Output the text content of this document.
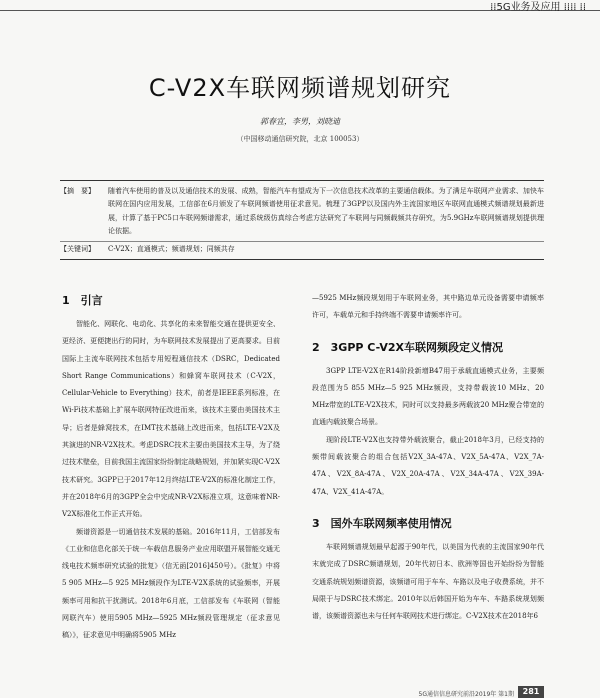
⁞⁞5G业务及应用 ⁞⁞⁞⁞ ⁞⁞
C-V2X车联网频谱规划研究
郭春宜，李男，刘晓迪
（中国移动通信研究院，北京 100053）
【摘　要】	随着汽车使用的普及以及通信技术的发展、成熟，智能汽车有望成为下一次信息技术改革的主要通信载体。为了满足车联网产业需求、加快车联网在国内应用发展，工信部在6月颁发了车联网频谱使用征求意见。梳理了3GPP以及国内外主流国家地区车联网直通模式频谱规划最新进展，计算了基于PC5口车联网频谱需求，通过系统级仿真综合考虑方法研究了车联网与同频载频共存研究，为5.9GHz车联网频谱规划提供理论依据。
【关键词】	C-V2X；直通模式；频谱规划；同频共存
1　引言

智能化、网联化、电动化、共享化的未来智能交通在提供更安全、更经济、更便捷出行的同时，为车联网技术发展提出了更高要求。目前国际上主流车联网技术包括专用短程通信技术（DSRC，Dedicated Short Range Communications）和蜂窝车联网技术（C-V2X，Cellular-Vehicle to Everything）技术，前者是IEEE系列标准，在Wi-Fi技术基础上扩展车联网特征改进而来，该技术主要由美国技术主导；后者是蜂窝技术，在IMT技术基础上改进而来，包括LTE-V2X及其演进的NR-V2X技术。考虑DSRC技术主要由美国技术主导，为了绕过技术壁垒，目前我国主流国家纷纷制定战略规划，并加紧实现C-V2X技术研究。3GPP已于2017年12月终结LTE-V2X的标准化制定工作，并在2018年6月的3GPP全会中完成NR-V2X标准立项，这意味着NR-V2X标准化工作正式开始。

频谱资源是一切通信技术发展的基础。2016年11月，工信部发布《工业和信息化部关于统一车载信息服务产业应用联盟开展智能交通无线电技术频率研究试验的批复》（信无函[2016]450号）。《批复》中将5 905 MHz—5 925 MHz频段作为LTE-V2X系统的试验频率，开展频率可用和抗干扰测试。2018年6月底，工信部发布《车联网（智能网联汽车）使用5905 MHz—5925 MHz频段管理规定（征求意见稿）》，征求意见中明确将5905 MHz

—5925 MHz频段规划用于车联网业务，其中路边单元设备需要申请频率许可，车载单元和手持终端不需要申请频率许可。

2　3GPP C-V2X车联网频段定义情况

3GPP LTE-V2X在R14阶段新增B47用于承载直通模式业务，主要频段范围为5 855 MHz—5 925 MHz频段，支持带载波10 MHz、20 MHz带宽的LTE-V2X技术，同时可以支持最多两载波20 MHz聚合带宽的直通内载波聚合场景。

现阶段LTE-V2X也支持带外载波聚合，截止2018年3月，已经支持的频带间载波聚合的组合包括V2X_3A-47A、V2X_5A-47A、V2X_7A-47A、V2X_8A-47A、V2X_20A-47A、V2X_34A-47A、V2X_39A-47A、V2X_41A-47A。

3　国外车联网频率使用情况

车联网频谱规划最早起源于90年代，以美国为代表的主流国家90年代末就完成了DSRC频谱规划，20年代初日本、欧洲等国也开始纷纷为智能交通系统规划频谱资源，该频谱可用于车车、车路以及电子收费系统，并不局限于与DSRC技术绑定。2010年以后韩国开始为车车、车路系统规划频谱，该频谱资源也未与任何车联网技术进行绑定。C-V2X技术在2018年6

5G通信信息研究前沿2019年 第1期	281
